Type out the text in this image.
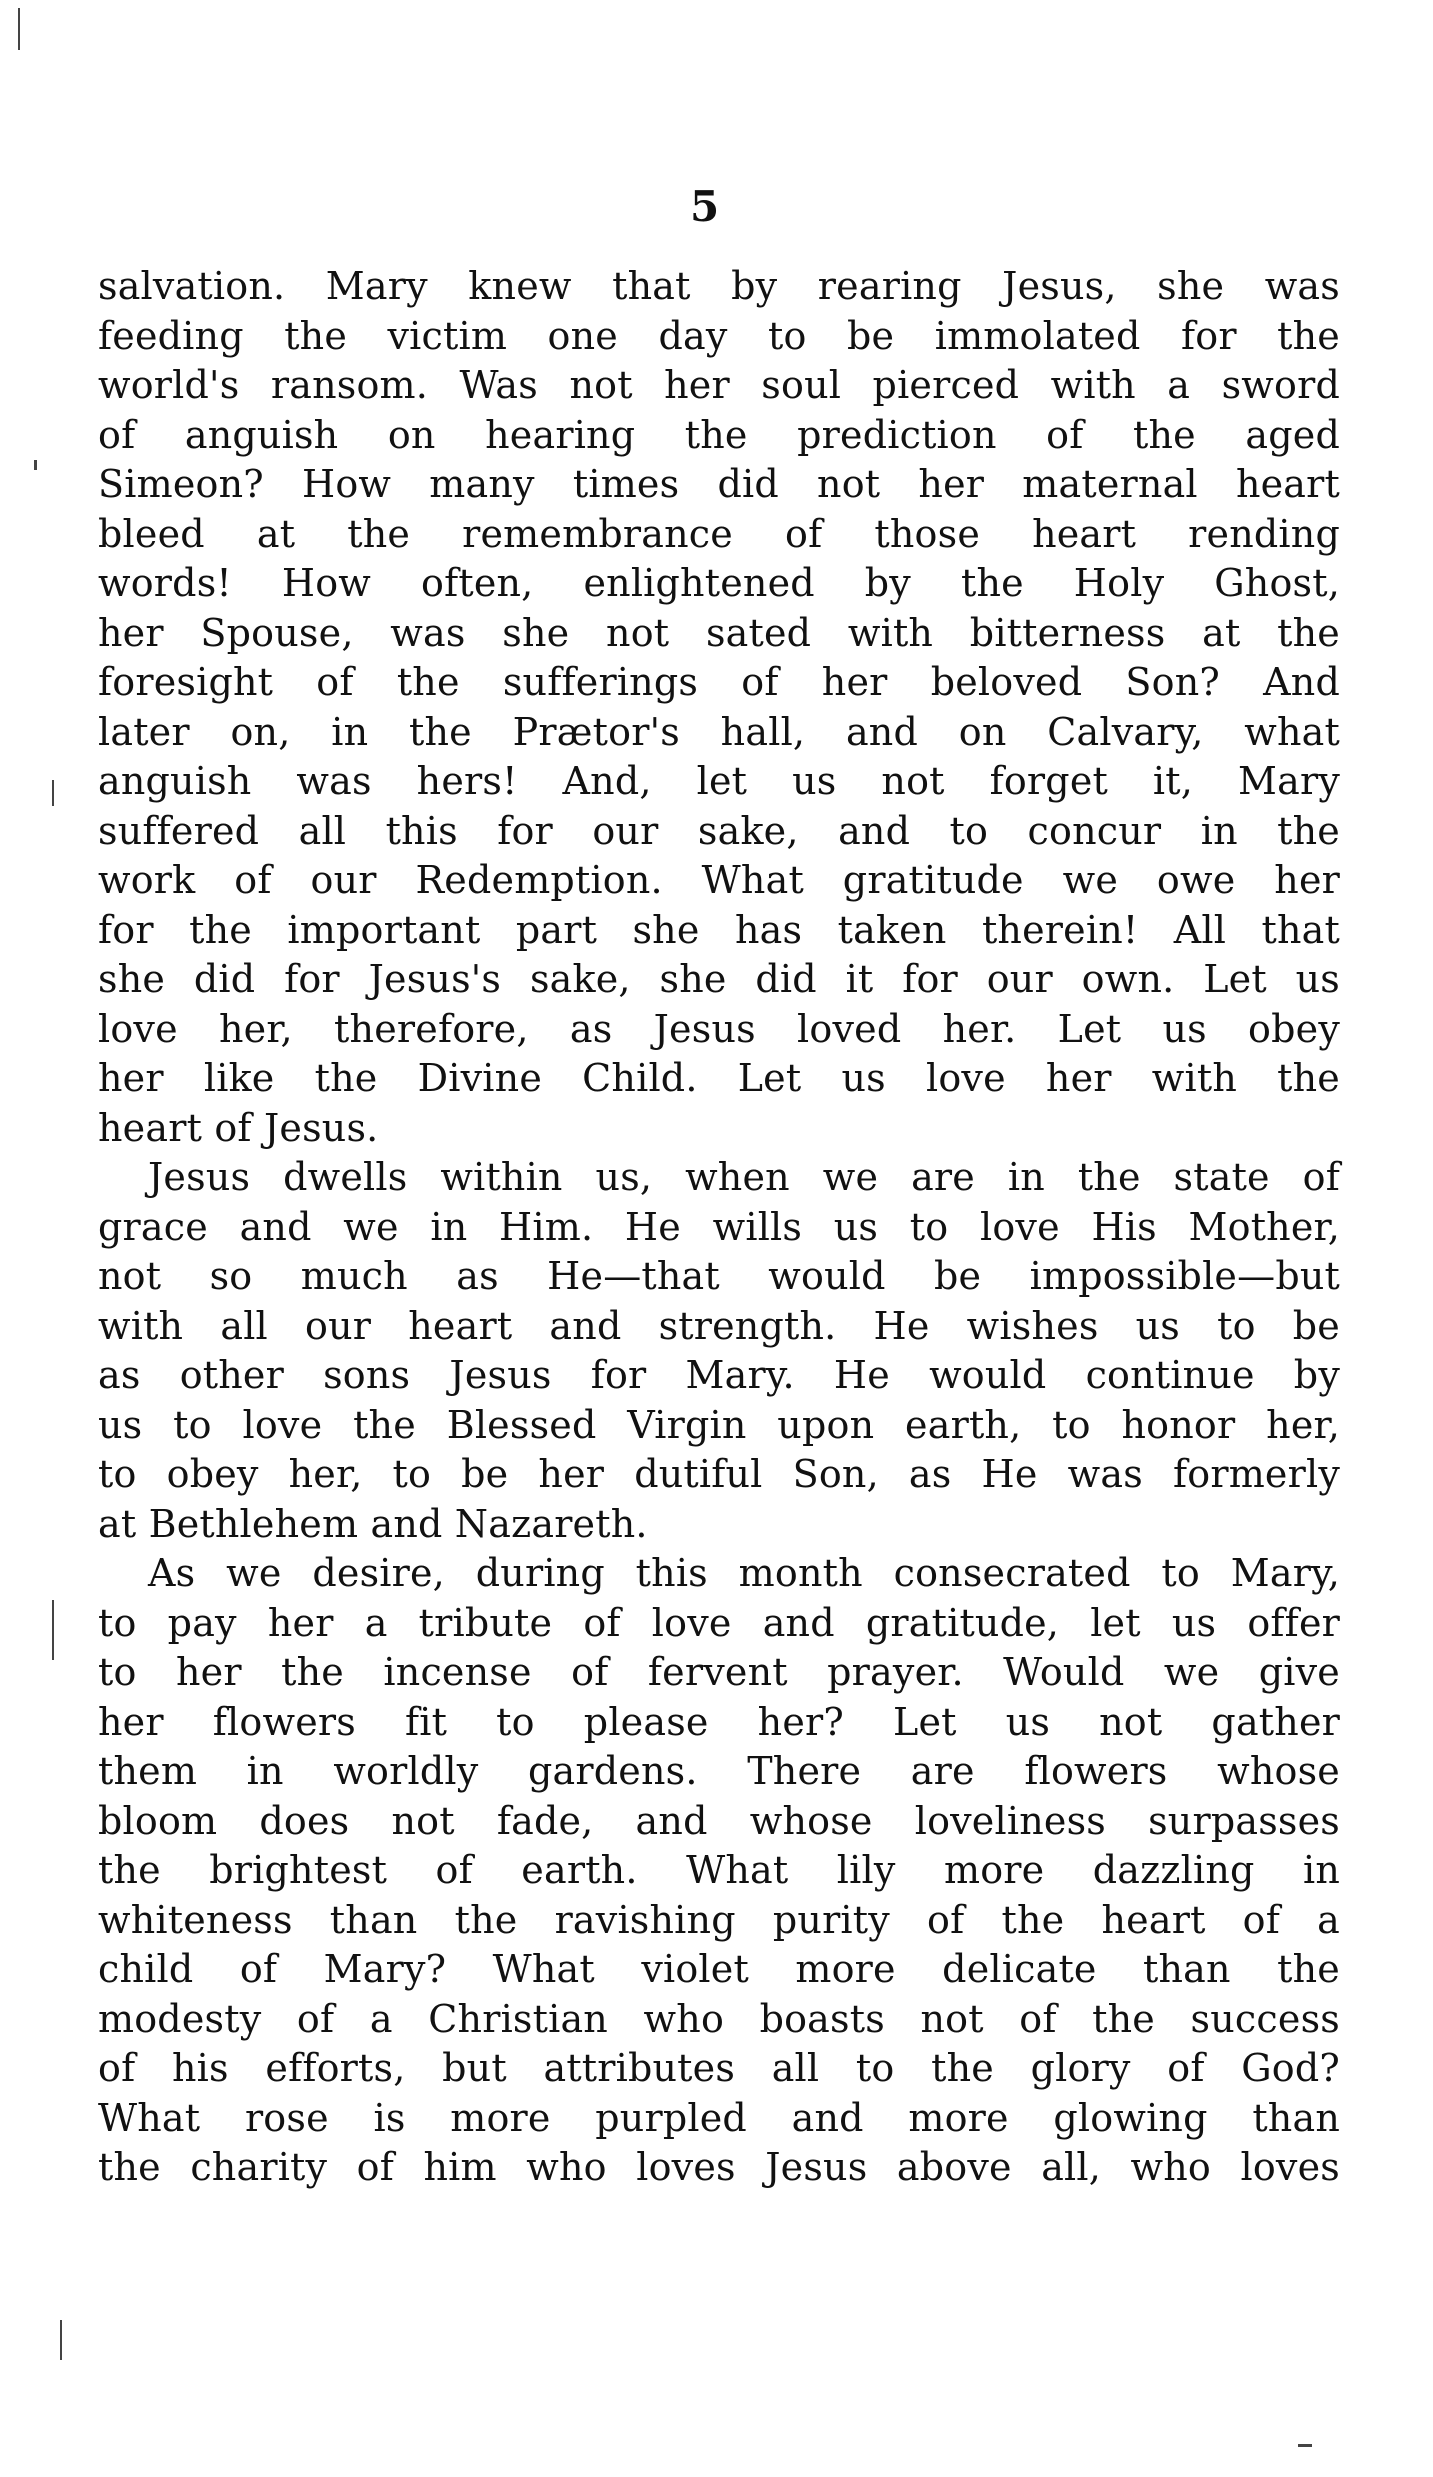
5
salvation. Mary knew that by rearing Jesus, she was
feeding the victim one day to be immolated for the
world's ransom. Was not her soul pierced with a sword
of anguish on hearing the prediction of the aged
Simeon? How many times did not her maternal heart
bleed at the remembrance of those heart rending
words! How often, enlightened by the Holy Ghost,
her Spouse, was she not sated with bitterness at the
foresight of the sufferings of her beloved Son? And
later on, in the Prætor's hall, and on Calvary, what
anguish was hers! And, let us not forget it, Mary
suffered all this for our sake, and to concur in the
work of our Redemption. What gratitude we owe her
for the important part she has taken therein! All that
she did for Jesus's sake, she did it for our own. Let us
love her, therefore, as Jesus loved her. Let us obey
her like the Divine Child. Let us love her with the
heart of Jesus.
Jesus dwells within us, when we are in the state of
grace and we in Him. He wills us to love His Mother,
not so much as He—that would be impossible—but
with all our heart and strength. He wishes us to be
as other sons Jesus for Mary. He would continue by
us to love the Blessed Virgin upon earth, to honor her,
to obey her, to be her dutiful Son, as He was formerly
at Bethlehem and Nazareth.
As we desire, during this month consecrated to Mary,
to pay her a tribute of love and gratitude, let us offer
to her the incense of fervent prayer. Would we give
her flowers fit to please her? Let us not gather
them in worldly gardens. There are flowers whose
bloom does not fade, and whose loveliness surpasses
the brightest of earth. What lily more dazzling in
whiteness than the ravishing purity of the heart of a
child of Mary? What violet more delicate than the
modesty of a Christian who boasts not of the success
of his efforts, but attributes all to the glory of God?
What rose is more purpled and more glowing than
the charity of him who loves Jesus above all, who loves
